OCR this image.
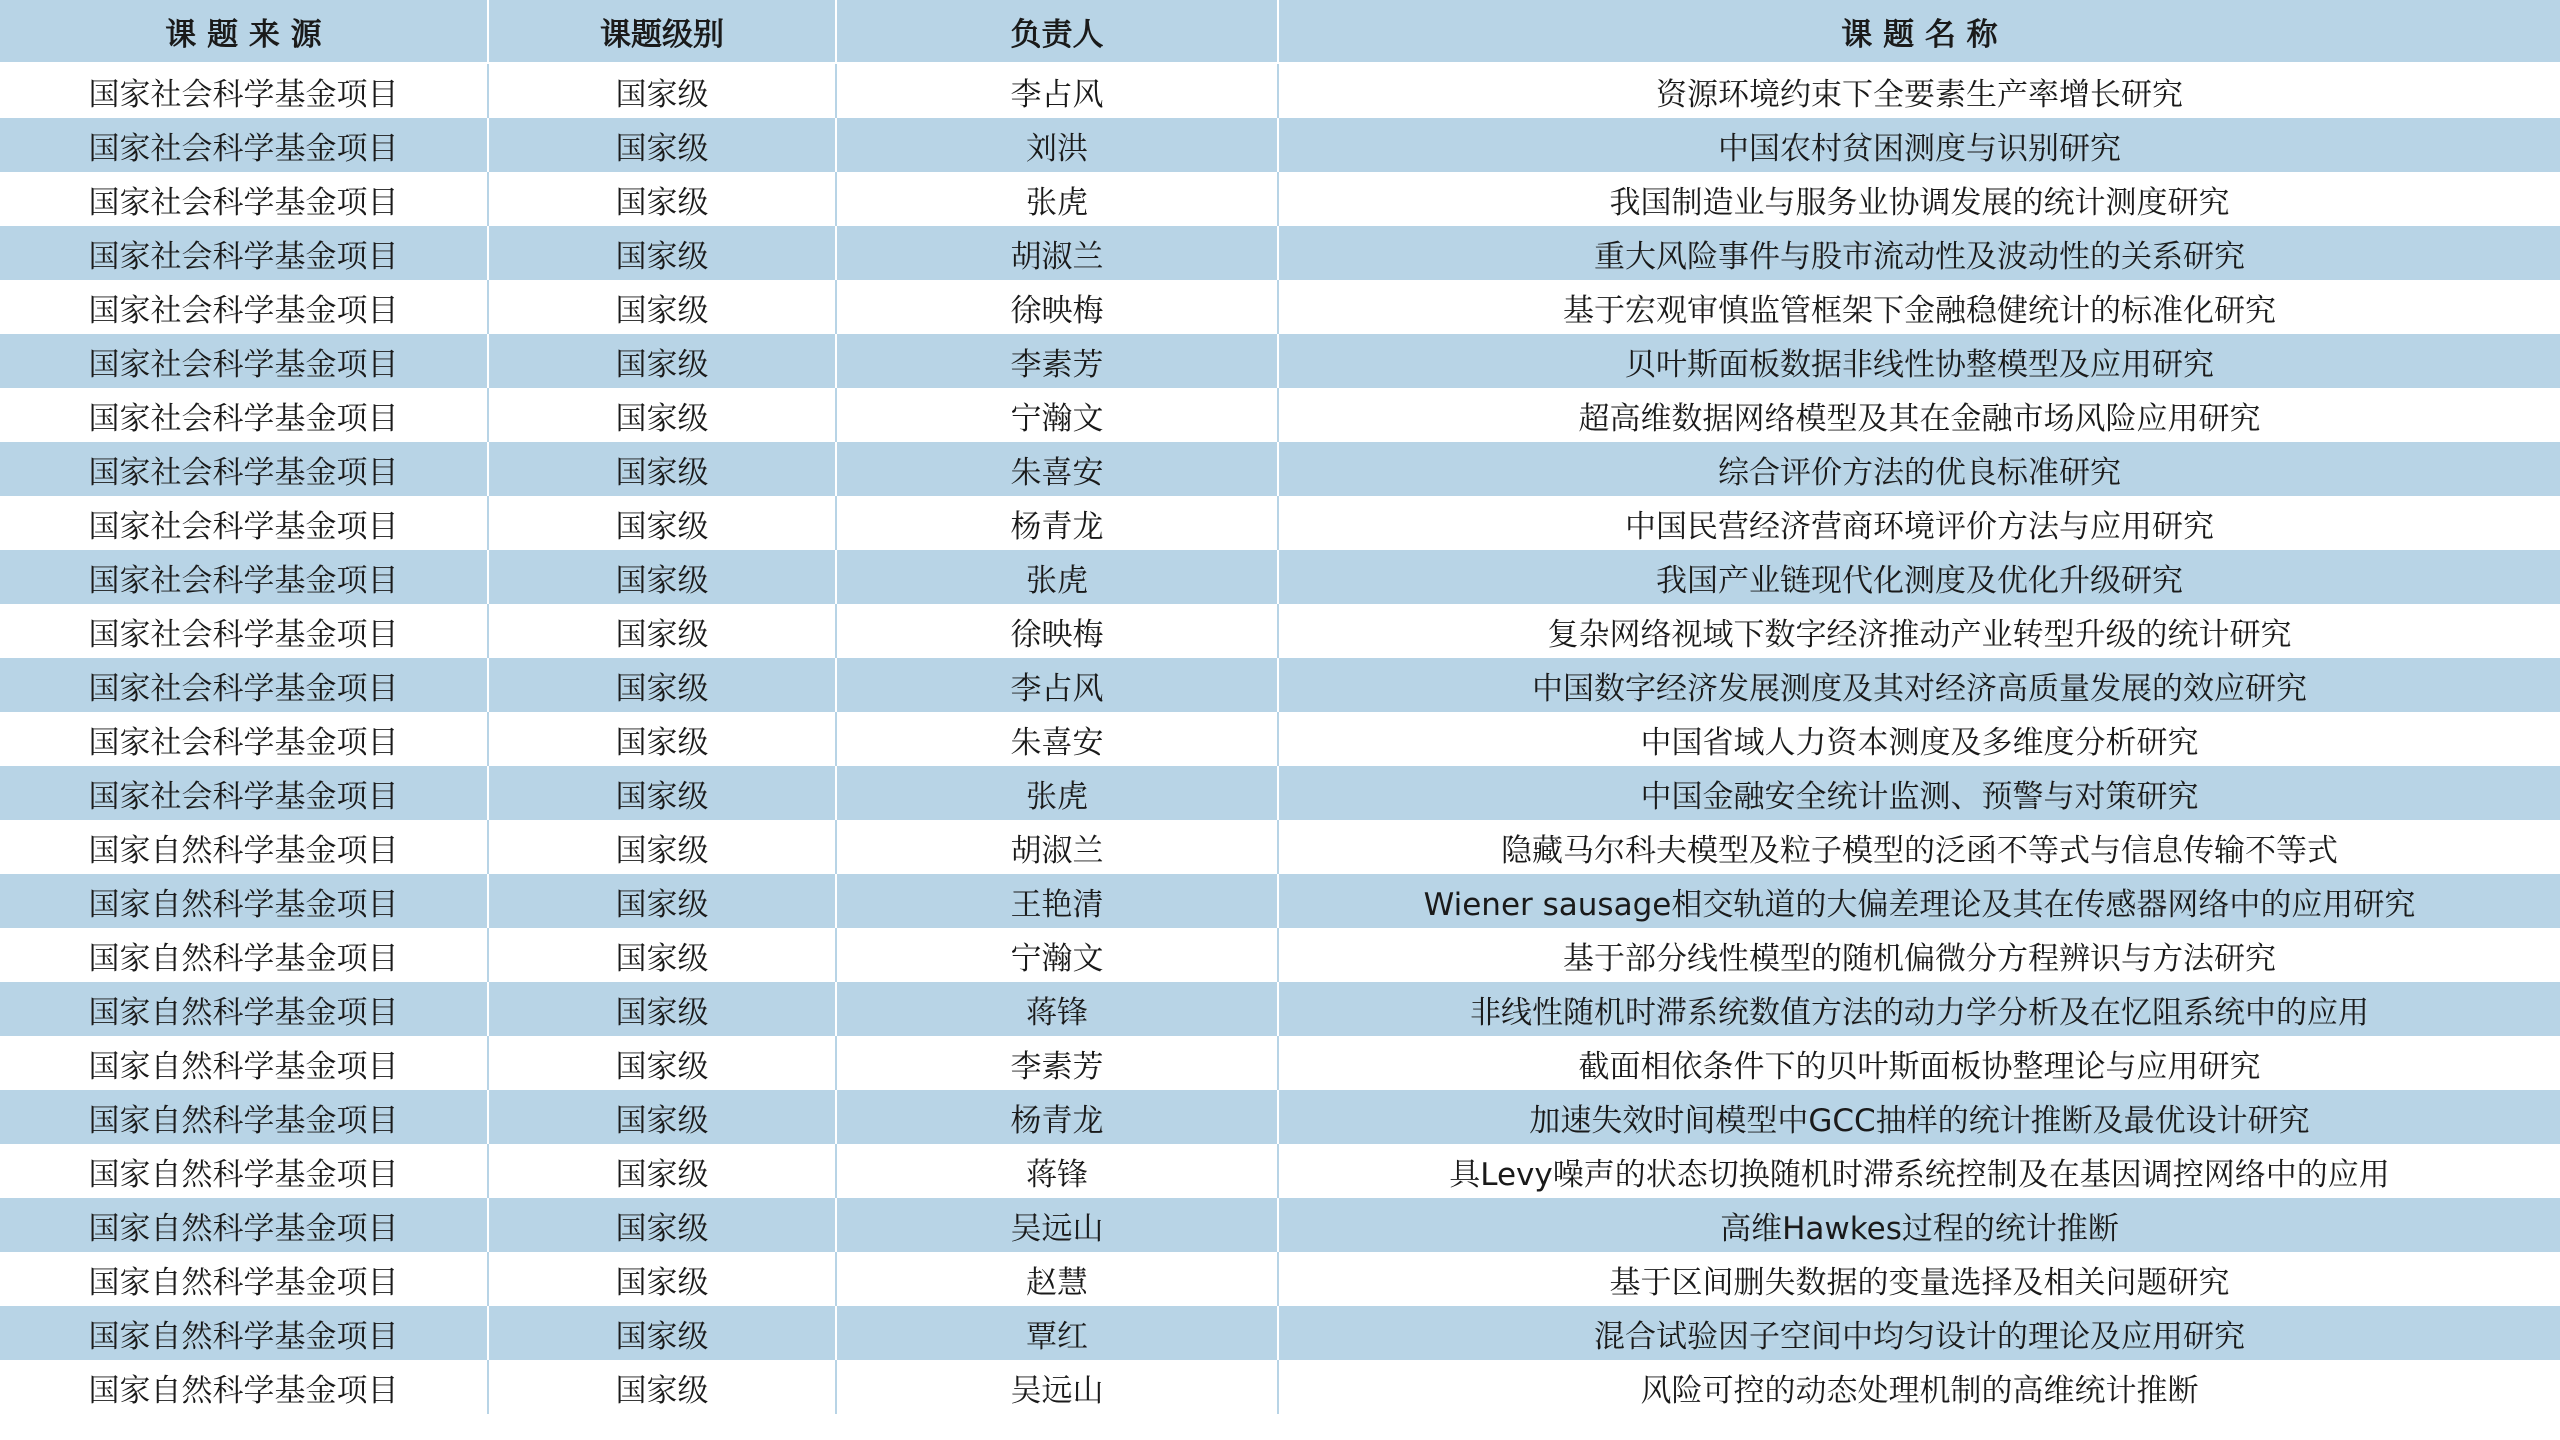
课 题 来 源	课题级别	负责人	课 题 名 称
国家社会科学基金项目	国家级	李占风	资源环境约束下全要素生产率增长研究
国家社会科学基金项目	国家级	刘洪	中国农村贫困测度与识别研究
国家社会科学基金项目	国家级	张虎	我国制造业与服务业协调发展的统计测度研究
国家社会科学基金项目	国家级	胡淑兰	重大风险事件与股市流动性及波动性的关系研究
国家社会科学基金项目	国家级	徐映梅	基于宏观审慎监管框架下金融稳健统计的标准化研究
国家社会科学基金项目	国家级	李素芳	贝叶斯面板数据非线性协整模型及应用研究
国家社会科学基金项目	国家级	宁瀚文	超高维数据网络模型及其在金融市场风险应用研究
国家社会科学基金项目	国家级	朱喜安	综合评价方法的优良标准研究
国家社会科学基金项目	国家级	杨青龙	中国民营经济营商环境评价方法与应用研究
国家社会科学基金项目	国家级	张虎	我国产业链现代化测度及优化升级研究
国家社会科学基金项目	国家级	徐映梅	复杂网络视域下数字经济推动产业转型升级的统计研究
国家社会科学基金项目	国家级	李占风	中国数字经济发展测度及其对经济高质量发展的效应研究
国家社会科学基金项目	国家级	朱喜安	中国省域人力资本测度及多维度分析研究
国家社会科学基金项目	国家级	张虎	中国金融安全统计监测、预警与对策研究
国家自然科学基金项目	国家级	胡淑兰	隐藏马尔科夫模型及粒子模型的泛函不等式与信息传输不等式
国家自然科学基金项目	国家级	王艳清	Wiener sausage相交轨道的大偏差理论及其在传感器网络中的应用研究
国家自然科学基金项目	国家级	宁瀚文	基于部分线性模型的随机偏微分方程辨识与方法研究
国家自然科学基金项目	国家级	蒋锋	非线性随机时滞系统数值方法的动力学分析及在忆阻系统中的应用
国家自然科学基金项目	国家级	李素芳	截面相依条件下的贝叶斯面板协整理论与应用研究
国家自然科学基金项目	国家级	杨青龙	加速失效时间模型中GCC抽样的统计推断及最优设计研究
国家自然科学基金项目	国家级	蒋锋	具Levy噪声的状态切换随机时滞系统控制及在基因调控网络中的应用
国家自然科学基金项目	国家级	吴远山	高维Hawkes过程的统计推断
国家自然科学基金项目	国家级	赵慧	基于区间删失数据的变量选择及相关问题研究
国家自然科学基金项目	国家级	覃红	混合试验因子空间中均匀设计的理论及应用研究
国家自然科学基金项目	国家级	吴远山	风险可控的动态处理机制的高维统计推断
